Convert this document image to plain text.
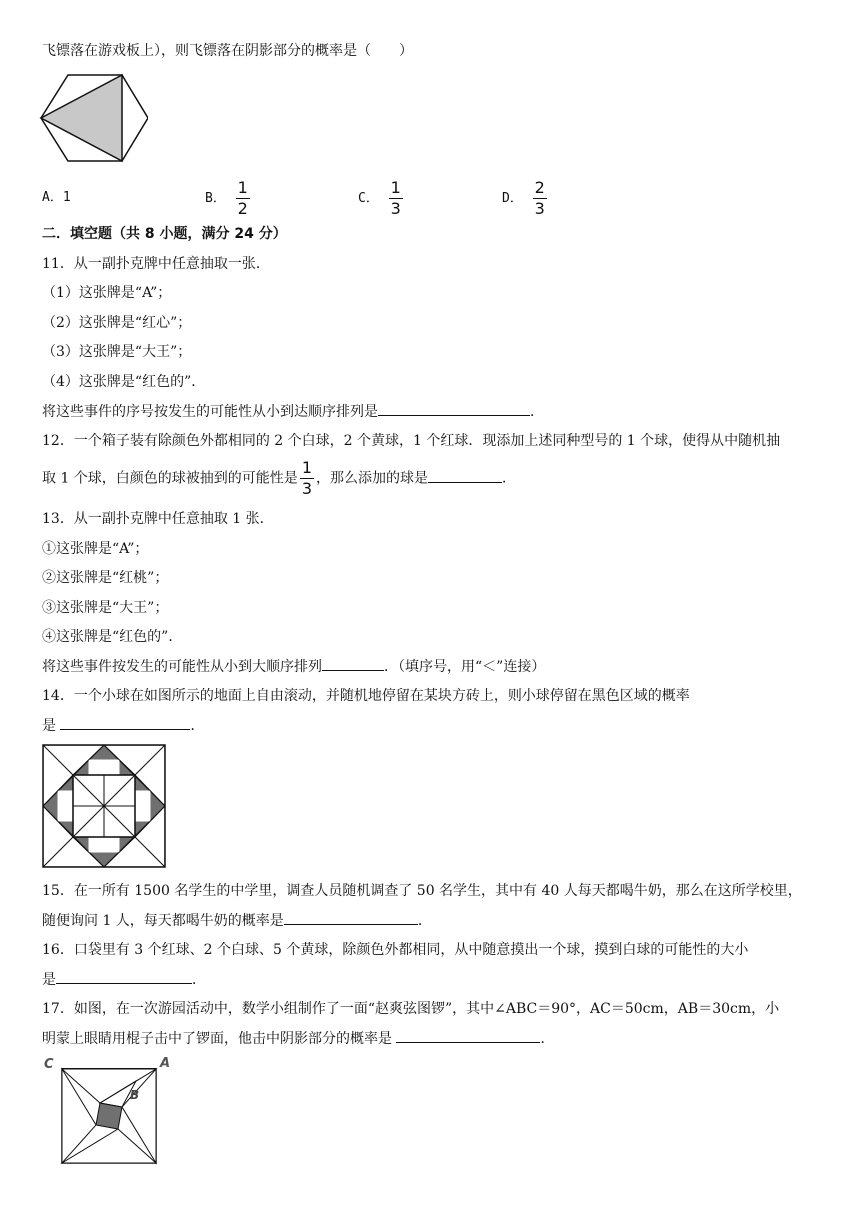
飞镖落在游戏板上），则飞镖落在阴影部分的概率是（　　）
A．1	B． $\frac{1}{2}$	C． $\frac{1}{3}$	D． $\frac{2}{3}$
二．填空题（共 8 小题，满分 24 分）
11．从一副扑克牌中任意抽取一张．
（1）这张牌是“A”；
（2）这张牌是“红心”；
（3）这张牌是“大王”；
（4）这张牌是“红色的”．
将这些事件的序号按发生的可能性从小到达顺序排列是	．
12．一个箱子装有除颜色外都相同的 2 个白球，2 个黄球，1 个红球．现添加上述同种型号的 1 个球，使得从中随机抽
取 1 个球，白颜色的球被抽到的可能性是 $\frac{1}{3}$ ，那么添加的球是	．
13．从一副扑克牌中任意抽取 1 张．
①这张牌是“A”；
②这张牌是“红桃”；
③这张牌是“大王”；
④这张牌是“红色的”．
将这些事件按发生的可能性从小到大顺序排列	．（填序号，用“＜”连接）
14．一个小球在如图所示的地面上自由滚动，并随机地停留在某块方砖上，则小球停留在黑色区域的概率
是	．
15．在一所有 1500 名学生的中学里，调查人员随机调查了 50 名学生，其中有 40 人每天都喝牛奶，那么在这所学校里，
随便询问 1 人，每天都喝牛奶的概率是	．
16．口袋里有 3 个红球、2 个白球、5 个黄球，除颜色外都相同，从中随意摸出一个球，摸到白球的可能性的大小
是	．
17．如图，在一次游园活动中，数学小组制作了一面“赵爽弦图锣”，其中∠ABC＝90°，AC＝50cm，AB＝30cm，小
明蒙上眼睛用棍子击中了锣面，他击中阴影部分的概率是	．
C	A
B
